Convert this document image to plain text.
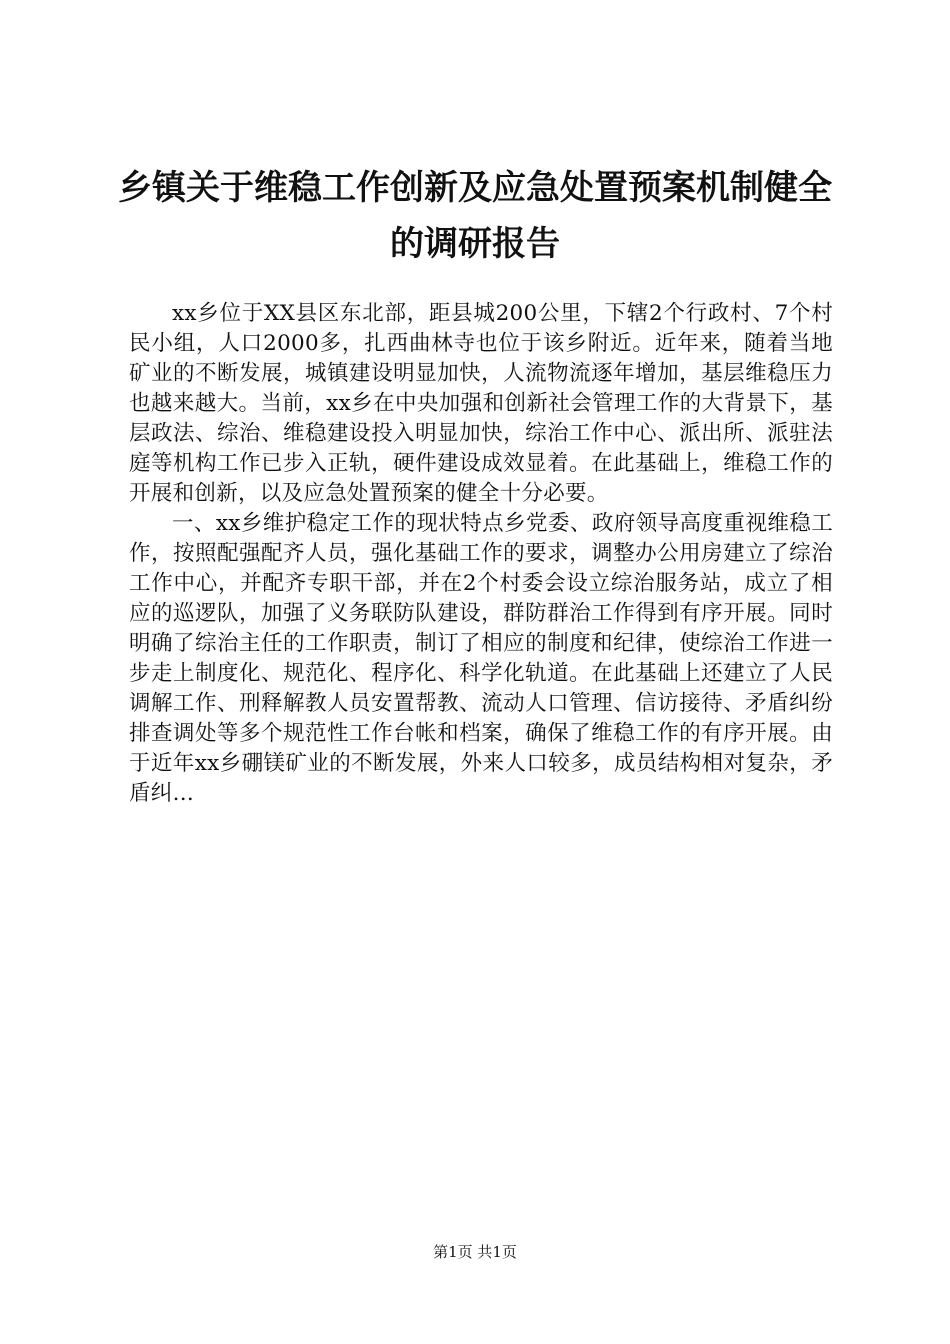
乡镇关于维稳工作创新及应急处置预案机制健全的调研报告

xx乡位于XX县区东北部，距县城200公里，下辖2个行政村、7个村民小组，人口2000多，扎西曲林寺也位于该乡附近。近年来，随着当地矿业的不断发展，城镇建设明显加快，人流物流逐年增加，基层维稳压力也越来越大。当前，xx乡在中央加强和创新社会管理工作的大背景下，基层政法、综治、维稳建设投入明显加快，综治工作中心、派出所、派驻法庭等机构工作已步入正轨，硬件建设成效显着。在此基础上，维稳工作的开展和创新，以及应急处置预案的健全十分必要。

一、xx乡维护稳定工作的现状特点乡党委、政府领导高度重视维稳工作，按照配强配齐人员，强化基础工作的要求，调整办公用房建立了综治工作中心，并配齐专职干部，并在2个村委会设立综治服务站，成立了相应的巡逻队，加强了义务联防队建设，群防群治工作得到有序开展。同时明确了综治主任的工作职责，制订了相应的制度和纪律，使综治工作进一步走上制度化、规范化、程序化、科学化轨道。在此基础上还建立了人民调解工作、刑释解教人员安置帮教、流动人口管理、信访接待、矛盾纠纷排查调处等多个规范性工作台帐和档案，确保了维稳工作的有序开展。由于近年xx乡硼镁矿业的不断发展，外来人口较多，成员结构相对复杂，矛盾纠...

第1页 共1页
